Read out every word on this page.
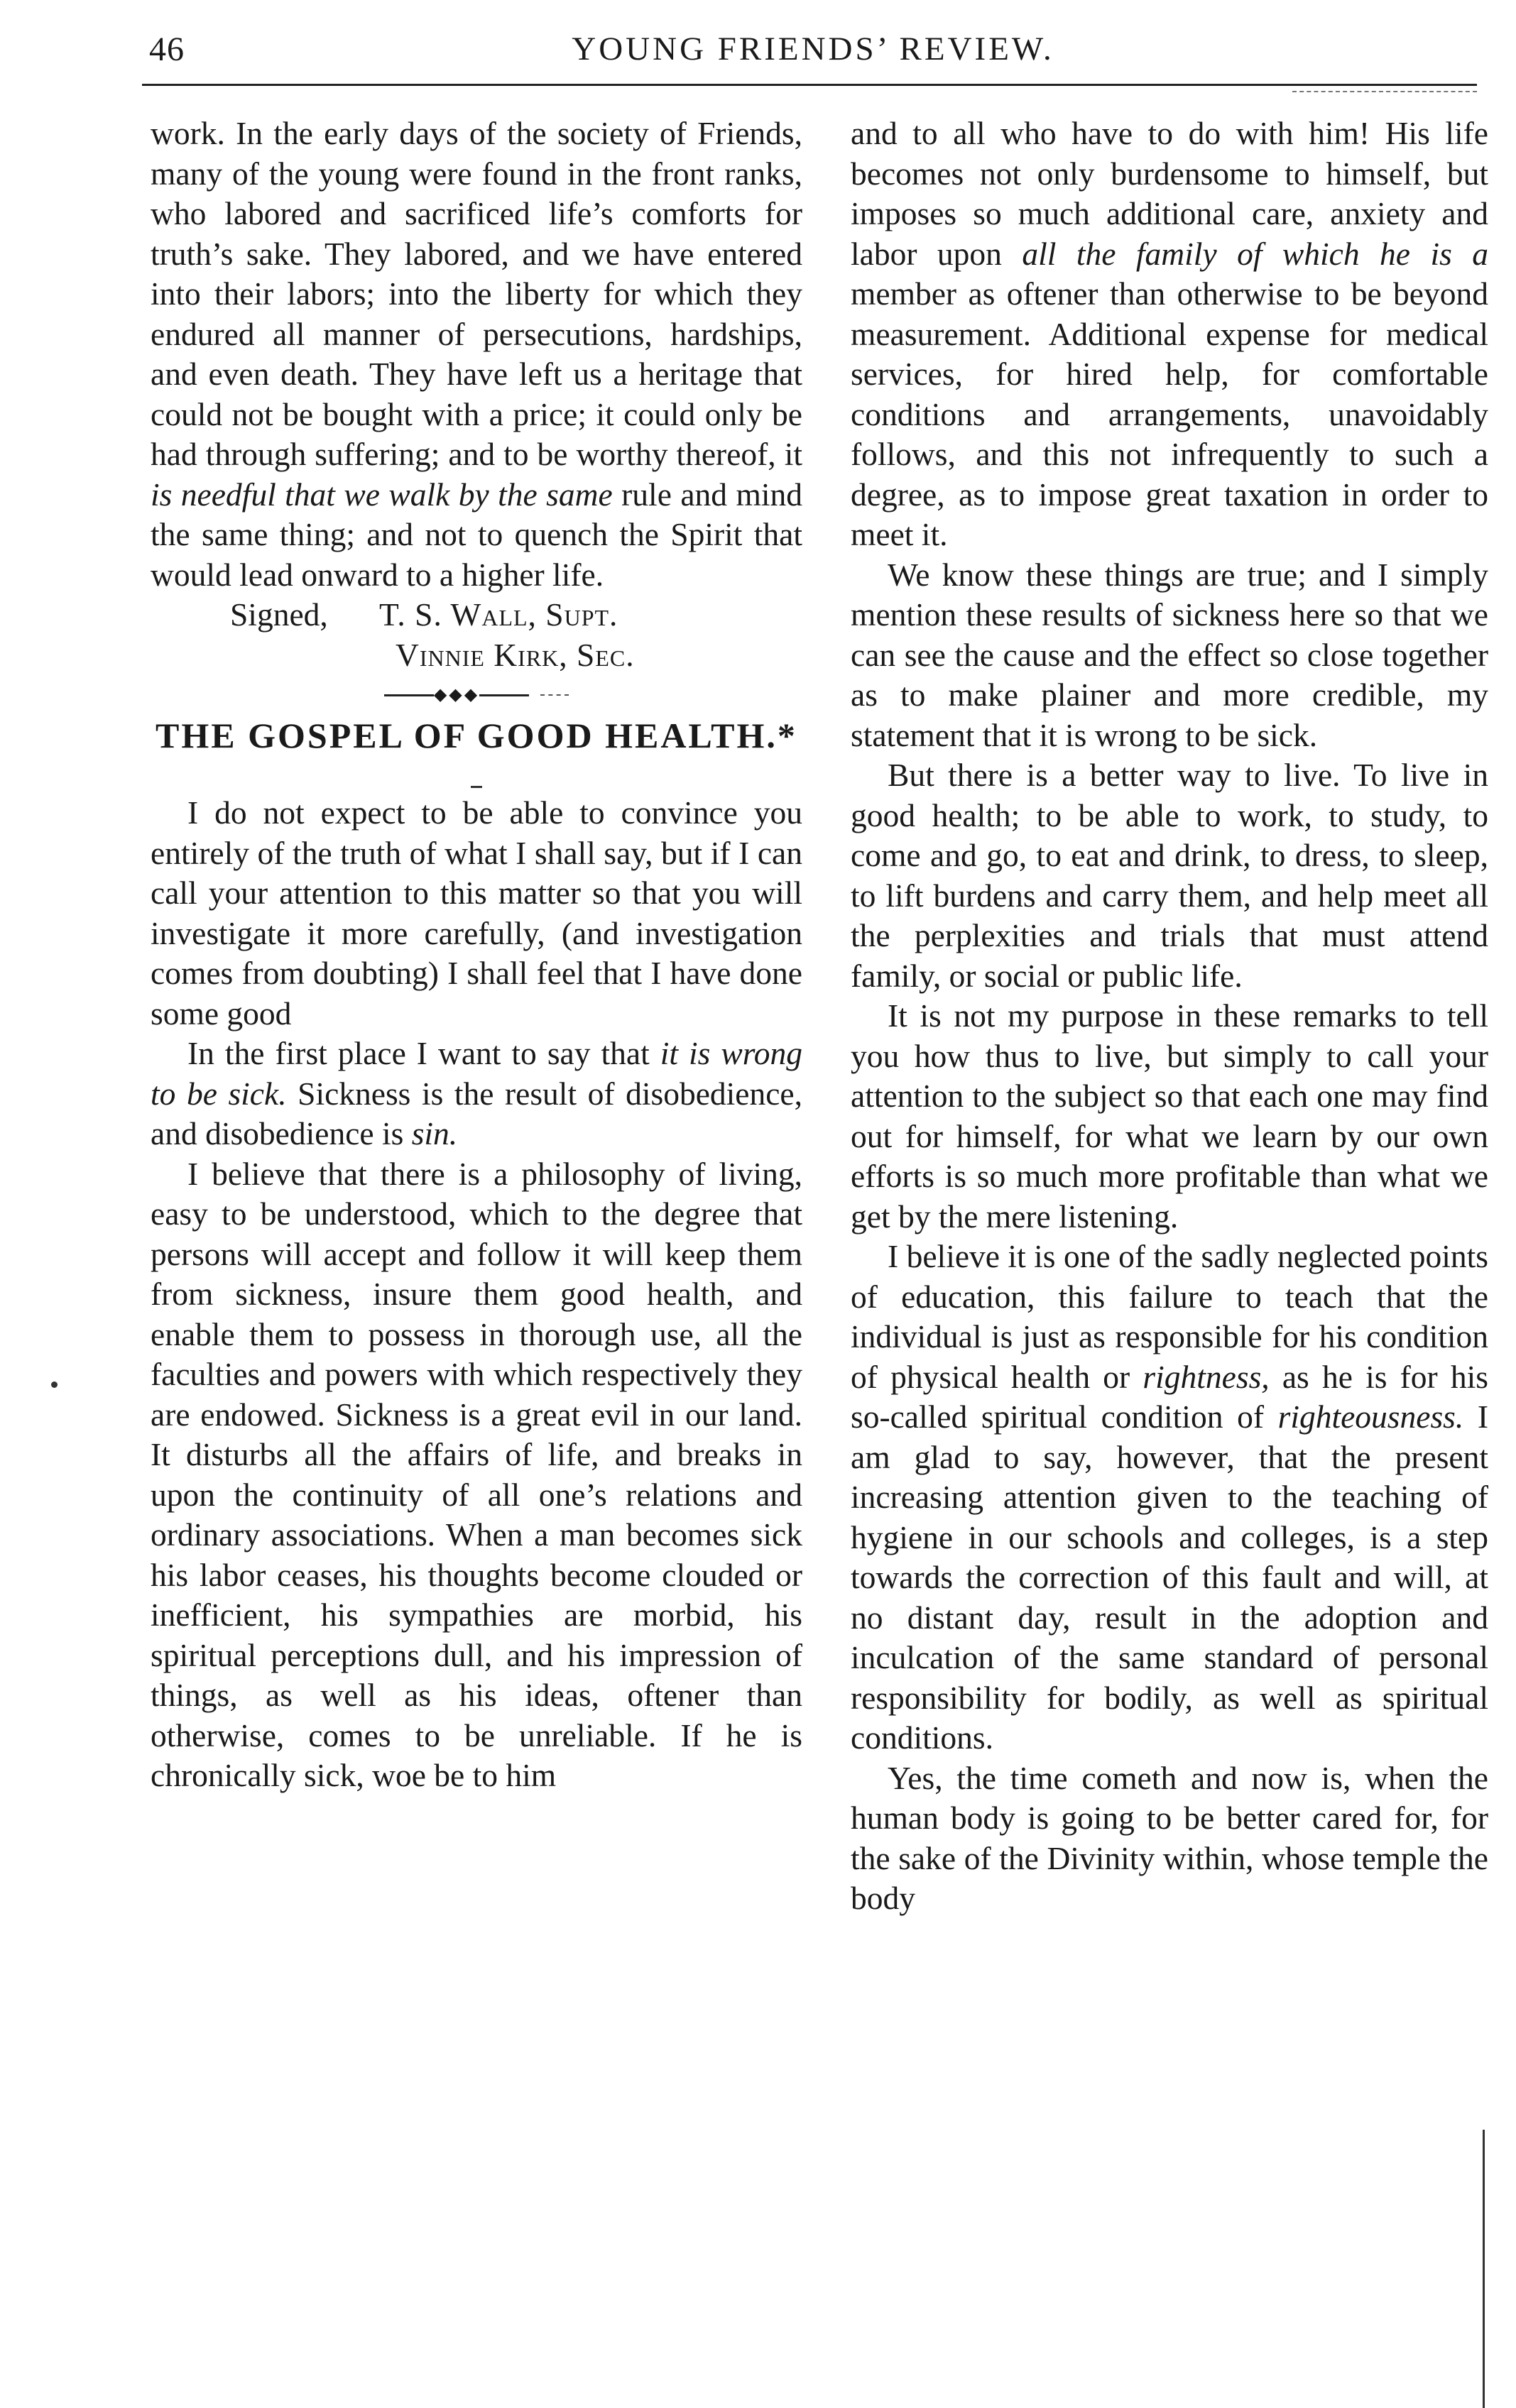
46	YOUNG FRIENDS’ REVIEW.

work. In the early days of the society of Friends, many of the young were found in the front ranks, who labored and sacrificed life’s comforts for truth’s sake. They labored, and we have entered into their labors; into the liberty for which they endured all manner of persecutions, hardships, and even death. They have left us a heritage that could not be bought with a price; it could only be had through suffering; and to be worthy thereof, it is needful that we walk by the same rule and mind the same thing; and not to quench the Spirit that would lead onward to a higher life.

Signed, T. S. Wall, Supt.

Vinnie Kirk, Sec.

◆◆◆
THE GOSPEL OF GOOD HEALTH.*

I do not expect to be able to convince you entirely of the truth of what I shall say, but if I can call your attention to this matter so that you will investigate it more carefully, (and investigation comes from doubting) I shall feel that I have done some good

In the first place I want to say that it is wrong to be sick. Sickness is the result of disobedience, and disobedience is sin.

I believe that there is a philosophy of living, easy to be understood, which to the degree that persons will accept and follow it will keep them from sickness, insure them good health, and enable them to possess in thorough use, all the faculties and powers with which respectively they are endowed. Sickness is a great evil in our land. It disturbs all the affairs of life, and breaks in upon the continuity of all one’s relations and ordinary associations. When a man becomes sick his labor ceases, his thoughts become clouded or inefficient, his sympathies are morbid, his spiritual perceptions dull, and his impression of things, as well as his ideas, oftener than otherwise, comes to be unreliable. If he is chronically sick, woe be to him

and to all who have to do with him! His life becomes not only burdensome to himself, but imposes so much additional care, anxiety and labor upon all the family of which he is a member as oftener than otherwise to be beyond measurement. Additional expense for medical services, for hired help, for comfortable conditions and arrangements, unavoidably follows, and this not infrequently to such a degree, as to impose great taxation in order to meet it.

We know these things are true; and I simply mention these results of sickness here so that we can see the cause and the effect so close together as to make plainer and more credible, my statement that it is wrong to be sick.

But there is a better way to live. To live in good health; to be able to work, to study, to come and go, to eat and drink, to dress, to sleep, to lift burdens and carry them, and help meet all the perplexities and trials that must attend family, or social or public life.

It is not my purpose in these remarks to tell you how thus to live, but simply to call your attention to the subject so that each one may find out for himself, for what we learn by our own efforts is so much more profitable than what we get by the mere listening.

I believe it is one of the sadly neglected points of education, this failure to teach that the individual is just as responsible for his condition of physical health or rightness, as he is for his so-called spiritual condition of righteousness. I am glad to say, however, that the present increasing attention given to the teaching of hygiene in our schools and colleges, is a step towards the correction of this fault and will, at no distant day, result in the adoption and inculcation of the same standard of personal responsibility for bodily, as well as spiritual conditions.

Yes, the time cometh and now is, when the human body is going to be better cared for, for the sake of the Divinity within, whose temple the body
